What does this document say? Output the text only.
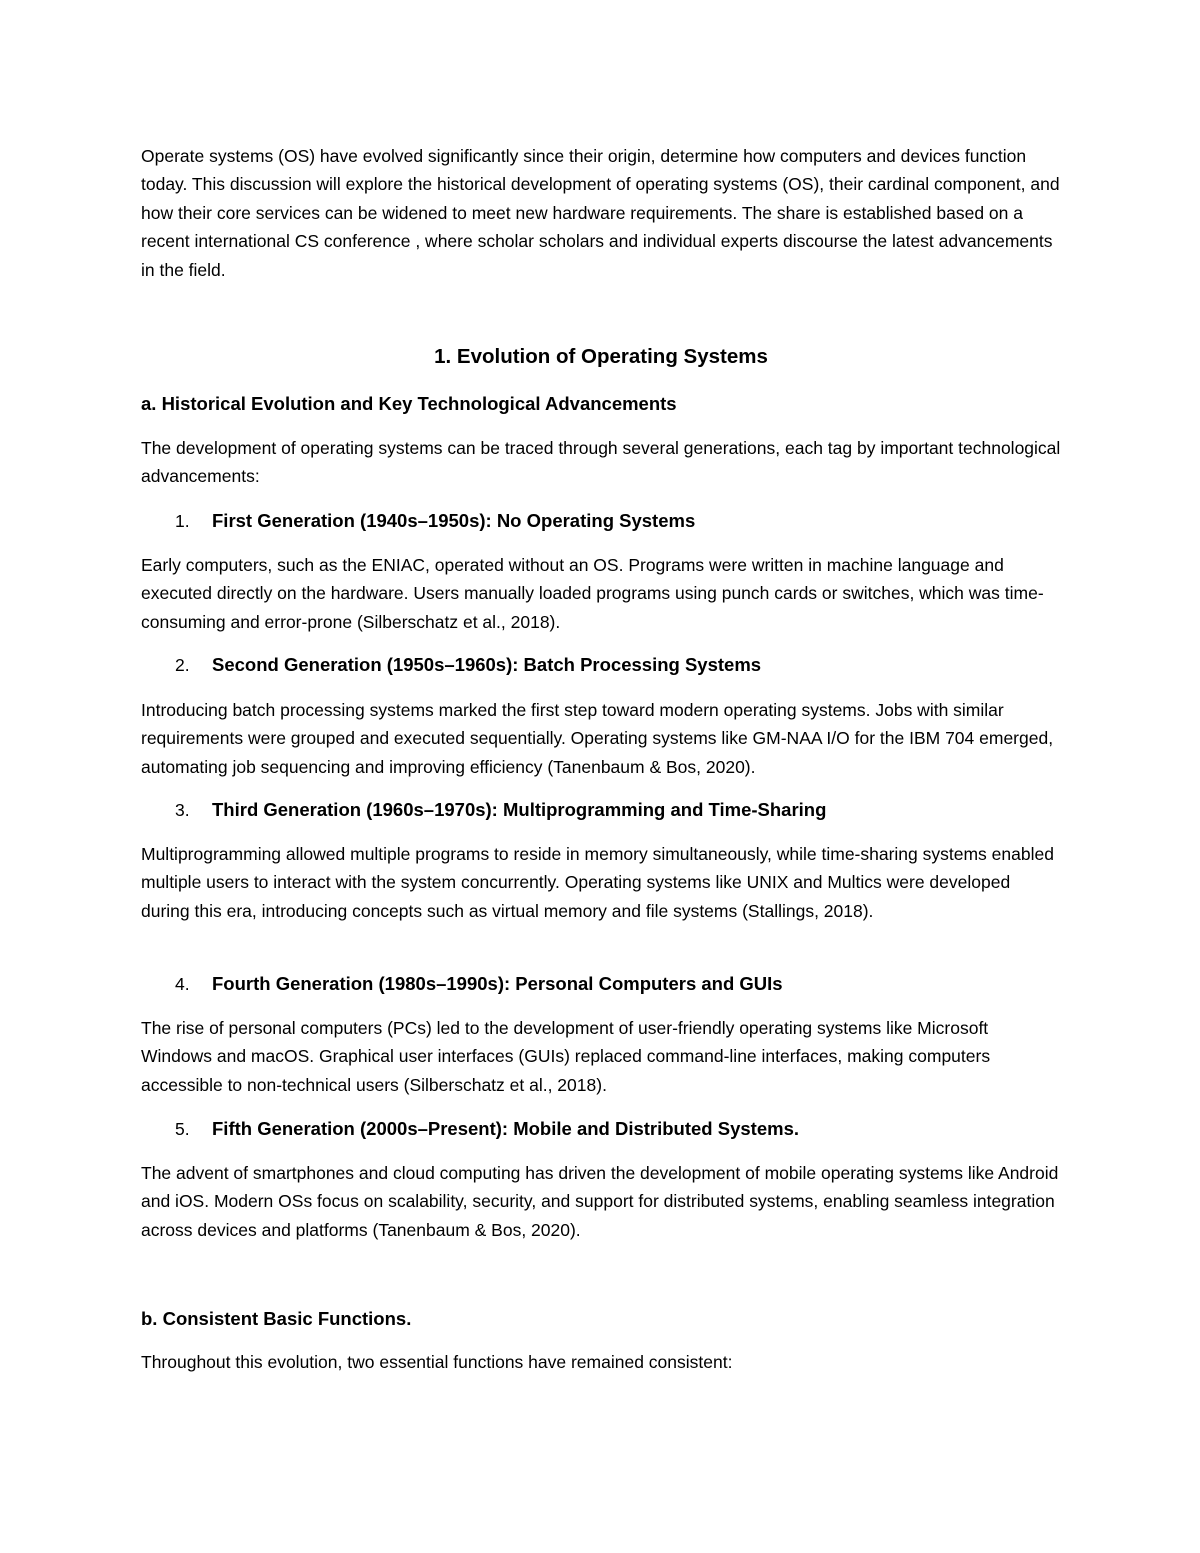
Operate systems (OS) have evolved significantly since their origin, determine how computers and devices function today. This discussion will explore the historical development of operating systems (OS), their cardinal component, and how their core services can be widened to meet new hardware requirements. The share is established based on a recent international CS conference , where scholar scholars and individual experts discourse the latest advancements in the field.

1. Evolution of Operating Systems
a. Historical Evolution and Key Technological Advancements

The development of operating systems can be traced through several generations, each tag by important technological advancements:

1. First Generation (1940s–1950s): No Operating Systems

Early computers, such as the ENIAC, operated without an OS. Programs were written in machine language and executed directly on the hardware. Users manually loaded programs using punch cards or switches, which was time-consuming and error-prone (Silberschatz et al., 2018).

2. Second Generation (1950s–1960s): Batch Processing Systems

Introducing batch processing systems marked the first step toward modern operating systems. Jobs with similar requirements were grouped and executed sequentially. Operating systems like GM-NAA I/O for the IBM 704 emerged, automating job sequencing and improving efficiency (Tanenbaum & Bos, 2020).

3. Third Generation (1960s–1970s): Multiprogramming and Time-Sharing

Multiprogramming allowed multiple programs to reside in memory simultaneously, while time-sharing systems enabled multiple users to interact with the system concurrently. Operating systems like UNIX and Multics were developed during this era, introducing concepts such as virtual memory and file systems (Stallings, 2018).

4. Fourth Generation (1980s–1990s): Personal Computers and GUIs

The rise of personal computers (PCs) led to the development of user-friendly operating systems like Microsoft Windows and macOS. Graphical user interfaces (GUIs) replaced command-line interfaces, making computers accessible to non-technical users (Silberschatz et al., 2018).

5. Fifth Generation (2000s–Present): Mobile and Distributed Systems.

The advent of smartphones and cloud computing has driven the development of mobile operating systems like Android and iOS. Modern OSs focus on scalability, security, and support for distributed systems, enabling seamless integration across devices and platforms (Tanenbaum & Bos, 2020).

b. Consistent Basic Functions.

Throughout this evolution, two essential functions have remained consistent:
